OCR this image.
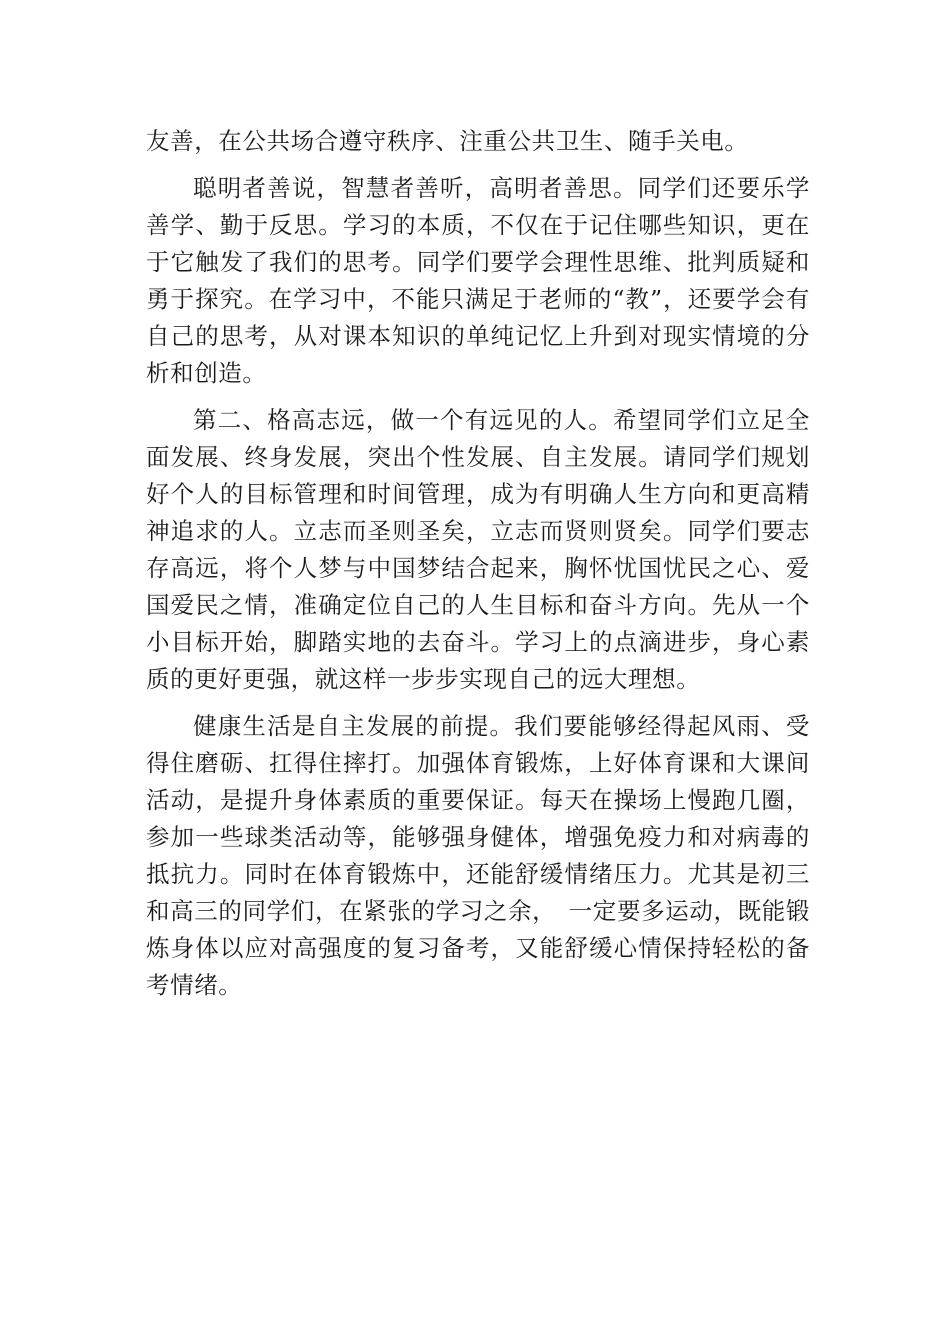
友善，在公共场合遵守秩序、注重公共卫生、随手关电。

聪明者善说，智慧者善听，高明者善思。同学们还要乐学善学、勤于反思。学习的本质，不仅在于记住哪些知识，更在于它触发了我们的思考。同学们要学会理性思维、批判质疑和勇于探究。在学习中，不能只满足于老师的“教”，还要学会有自己的思考，从对课本知识的单纯记忆上升到对现实情境的分析和创造。

第二、格高志远，做一个有远见的人。希望同学们立足全面发展、终身发展，突出个性发展、自主发展。请同学们规划好个人的目标管理和时间管理，成为有明确人生方向和更高精神追求的人。立志而圣则圣矣，立志而贤则贤矣。同学们要志存高远，将个人梦与中国梦结合起来，胸怀忧国忧民之心、爱国爱民之情，准确定位自己的人生目标和奋斗方向。先从一个小目标开始，脚踏实地的去奋斗。学习上的点滴进步，身心素质的更好更强，就这样一步步实现自己的远大理想。

健康生活是自主发展的前提。我们要能够经得起风雨、受得住磨砺、扛得住摔打。加强体育锻炼，上好体育课和大课间活动，是提升身体素质的重要保证。每天在操场上慢跑几圈，参加一些球类活动等，能够强身健体，增强免疫力和对病毒的抵抗力。同时在体育锻炼中，还能舒缓情绪压力。尤其是初三和高三的同学们，在紧张的学习之余，　一定要多运动，既能锻炼身体以应对高强度的复习备考，又能舒缓心情保持轻松的备考情绪。
